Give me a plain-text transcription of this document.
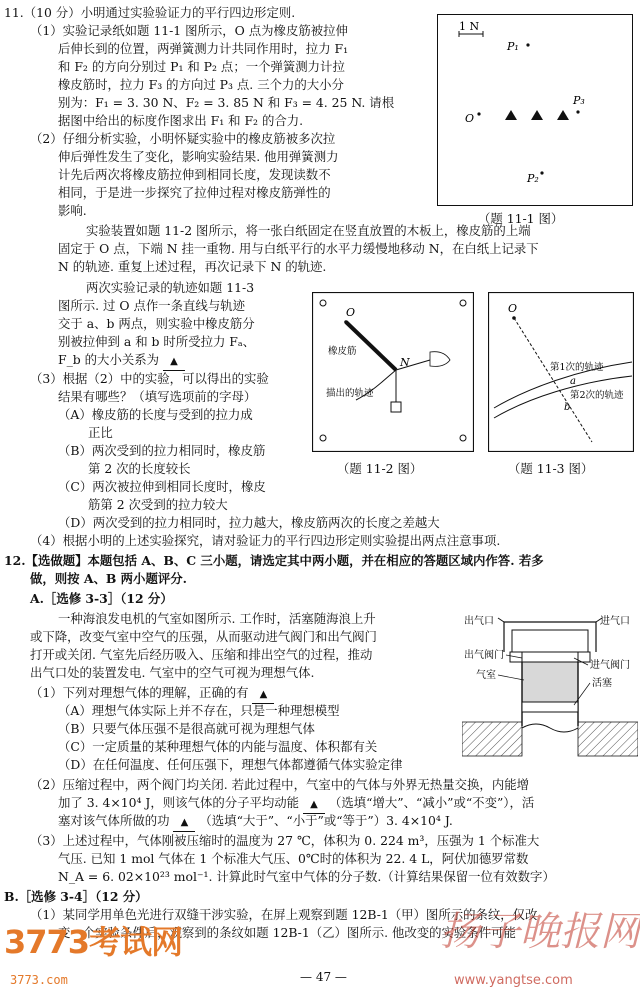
11.（10 分）小明通过实验验证力的平行四边形定则.
（1）实验记录纸如题 11-1 图所示，O 点为橡皮筋被拉伸
后伸长到的位置，两弹簧测力计共同作用时，拉力 F₁
和 F₂ 的方向分别过 P₁ 和 P₂ 点；一个弹簧测力计拉
橡皮筋时，拉力 F₃ 的方向过 P₃ 点. 三个力的大小分
别为：F₁ = 3. 30 N、F₂ = 3. 85 N 和 F₃ = 4. 25 N. 请根
据图中给出的标度作图求出 F₁ 和 F₂ 的合力.
（2）仔细分析实验，小明怀疑实验中的橡皮筋被多次拉
伸后弹性发生了变化，影响实验结果. 他用弹簧测力
计先后两次将橡皮筋拉伸到相同长度，发现读数不
相同，于是进一步探究了拉伸过程对橡皮筋弹性的
影响.
实验装置如题 11-2 图所示，将一张白纸固定在竖直放置的木板上，橡皮筋的上端
固定于 O 点，下端 N 挂一重物. 用与白纸平行的水平力缓慢地移动 N，在白纸上记录下
N 的轨迹. 重复上述过程，再次记录下 N 的轨迹.
两次实验记录的轨迹如题 11-3
图所示. 过 O 点作一条直线与轨迹
交于 a、b 两点，则实验中橡皮筋分
别被拉伸到 a 和 b 时所受拉力 Fₐ、
F_b 的大小关系为 ▲
（3）根据（2）中的实验，可以得出的实验
结果有哪些？（填写选项前的字母）
（A）橡皮筋的长度与受到的拉力成
正比
（B）两次受到的拉力相同时，橡皮筋
第 2 次的长度较长
（C）两次被拉伸到相同长度时，橡皮
筋第 2 次受到的拉力较大
（D）两次受到的拉力相同时，拉力越大，橡皮筋两次的长度之差越大
（4）根据小明的上述实验探究，请对验证力的平行四边形定则实验提出两点注意事项.
1 N
P₁
O
P₃
P₂
（题 11-1 图）
O
N
橡皮筋
描出的轨迹
（题 11-2 图）
O
第1次的轨迹
第2次的轨迹
a
b
（题 11-3 图）
12.【选做题】本题包括 A、B、C 三小题，请选定其中两小题，并在相应的答题区域内作答. 若多
做，则按 A、B 两小题评分.
A.［选修 3-3］（12 分）
一种海浪发电机的气室如图所示. 工作时，活塞随海浪上升
或下降，改变气室中空气的压强，从而驱动进气阀门和出气阀门
打开或关闭. 气室先后经历吸入、压缩和排出空气的过程，推动
出气口处的装置发电. 气室中的空气可视为理想气体.
（1）下列对理想气体的理解，正确的有 ▲
（A）理想气体实际上并不存在，只是一种理想模型
（B）只要气体压强不是很高就可视为理想气体
（C）一定质量的某种理想气体的内能与温度、体积都有关
（D）在任何温度、任何压强下，理想气体都遵循气体实验定律
（2）压缩过程中，两个阀门均关闭. 若此过程中，气室中的气体与外界无热量交换，内能增
加了 3. 4×10⁴ J，则该气体的分子平均动能 ▲ （选填“增大”、“减小”或“不变”），活
塞对该气体所做的功 ▲ （选填“大于”、“小于”或“等于”）3. 4×10⁴ J.
（3）上述过程中，气体刚被压缩时的温度为 27 ℃，体积为 0. 224 m³，压强为 1 个标准大
气压. 已知 1 mol 气体在 1 个标准大气压、0℃时的体积为 22. 4 L，阿伏加德罗常数
N_A = 6. 02×10²³ mol⁻¹. 计算此时气室中气体的分子数.（计算结果保留一位有效数字）
B.［选修 3-4］（12 分）
（1）某同学用单色光进行双缝干涉实验，在屏上观察到题 12B-1（甲）图所示的条纹，仅改
变一个实验条件后，观察到的条纹如题 12B-1（乙）图所示. 他改变的实验条件可能
出气口	进气口
出气阀门
气室
进气阀门
活塞
3773考试网
3773.com	— 47 —
扬子晚报网
www.yangtse.com
